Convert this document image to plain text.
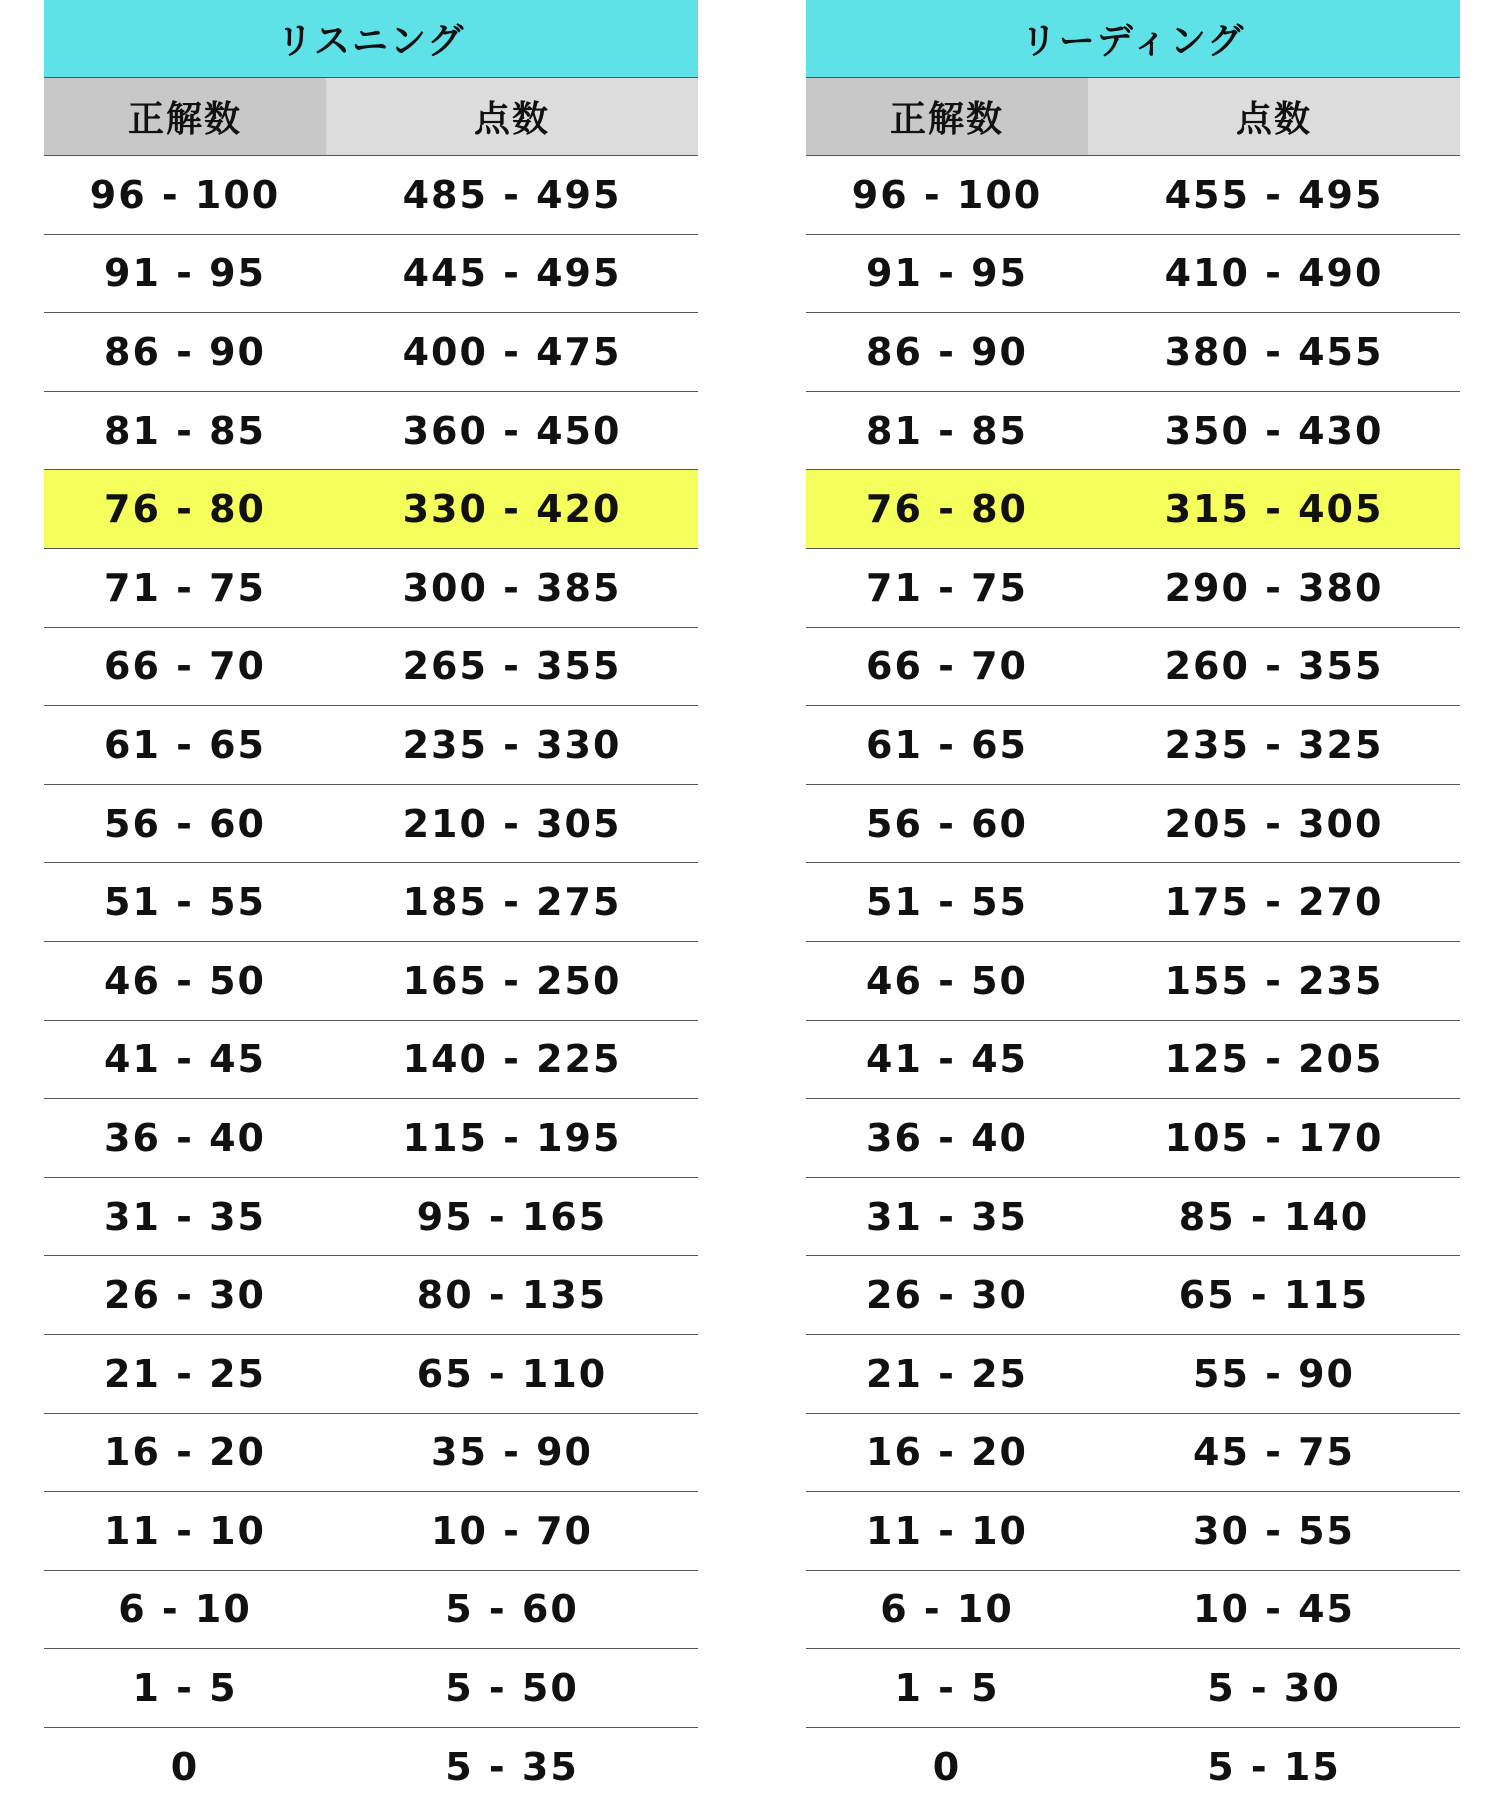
リスニング
正解数	点数
96 - 100	485 - 495
91 - 95	445 - 495
86 - 90	400 - 475
81 - 85	360 - 450
76 - 80	330 - 420
71 - 75	300 - 385
66 - 70	265 - 355
61 - 65	235 - 330
56 - 60	210 - 305
51 - 55	185 - 275
46 - 50	165 - 250
41 - 45	140 - 225
36 - 40	115 - 195
31 - 35	95 - 165
26 - 30	80 - 135
21 - 25	65 - 110
16 - 20	35 - 90
11 - 10	10 - 70
6 - 10	5 - 60
1 - 5	5 - 50
0	5 - 35
リーディング
正解数	点数
96 - 100	455 - 495
91 - 95	410 - 490
86 - 90	380 - 455
81 - 85	350 - 430
76 - 80	315 - 405
71 - 75	290 - 380
66 - 70	260 - 355
61 - 65	235 - 325
56 - 60	205 - 300
51 - 55	175 - 270
46 - 50	155 - 235
41 - 45	125 - 205
36 - 40	105 - 170
31 - 35	85 - 140
26 - 30	65 - 115
21 - 25	55 - 90
16 - 20	45 - 75
11 - 10	30 - 55
6 - 10	10 - 45
1 - 5	5 - 30
0	5 - 15
